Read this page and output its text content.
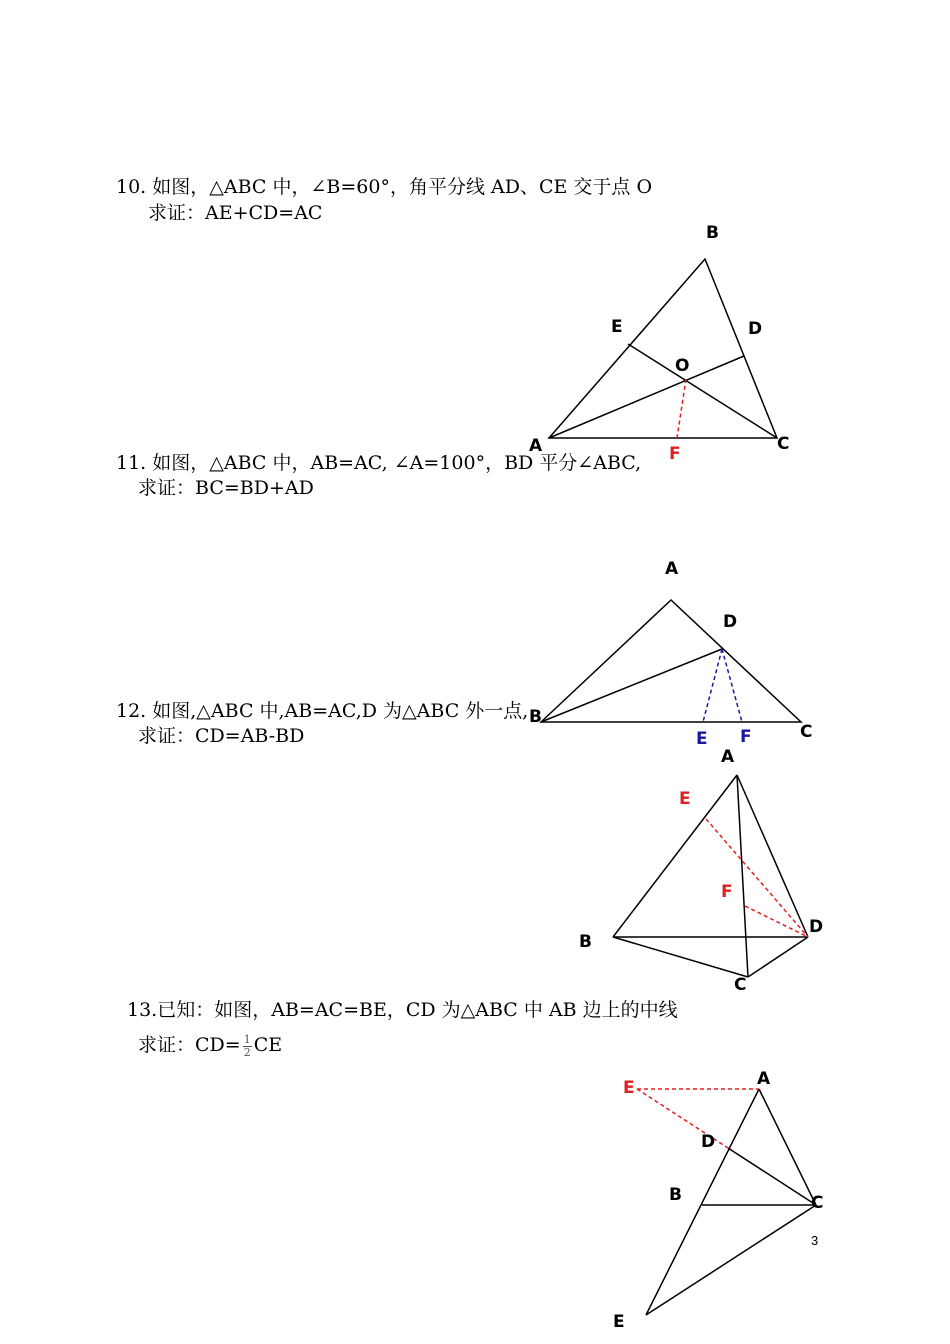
10. 如图，△ABC 中，∠B=60°，角平分线 AD、CE 交于点 O
求证：AE+CD=AC
11. 如图，△ABC 中，AB=AC, ∠A=100°，BD 平分∠ABC,
求证：BC=BD+AD
12. 如图,△ABC 中,AB=AC,D 为△ABC 外一点,
求证：CD=AB-BD
13.已知：如图，AB=AC=BE，CD 为△ABC 中 AB 边上的中线
求证：$CD= \frac{1}{2}$ CE
B
E	D
O
A	C
F
A
D
B
C
E F
A
E
F
D
B
C
A
E
D
B	C
E
3
